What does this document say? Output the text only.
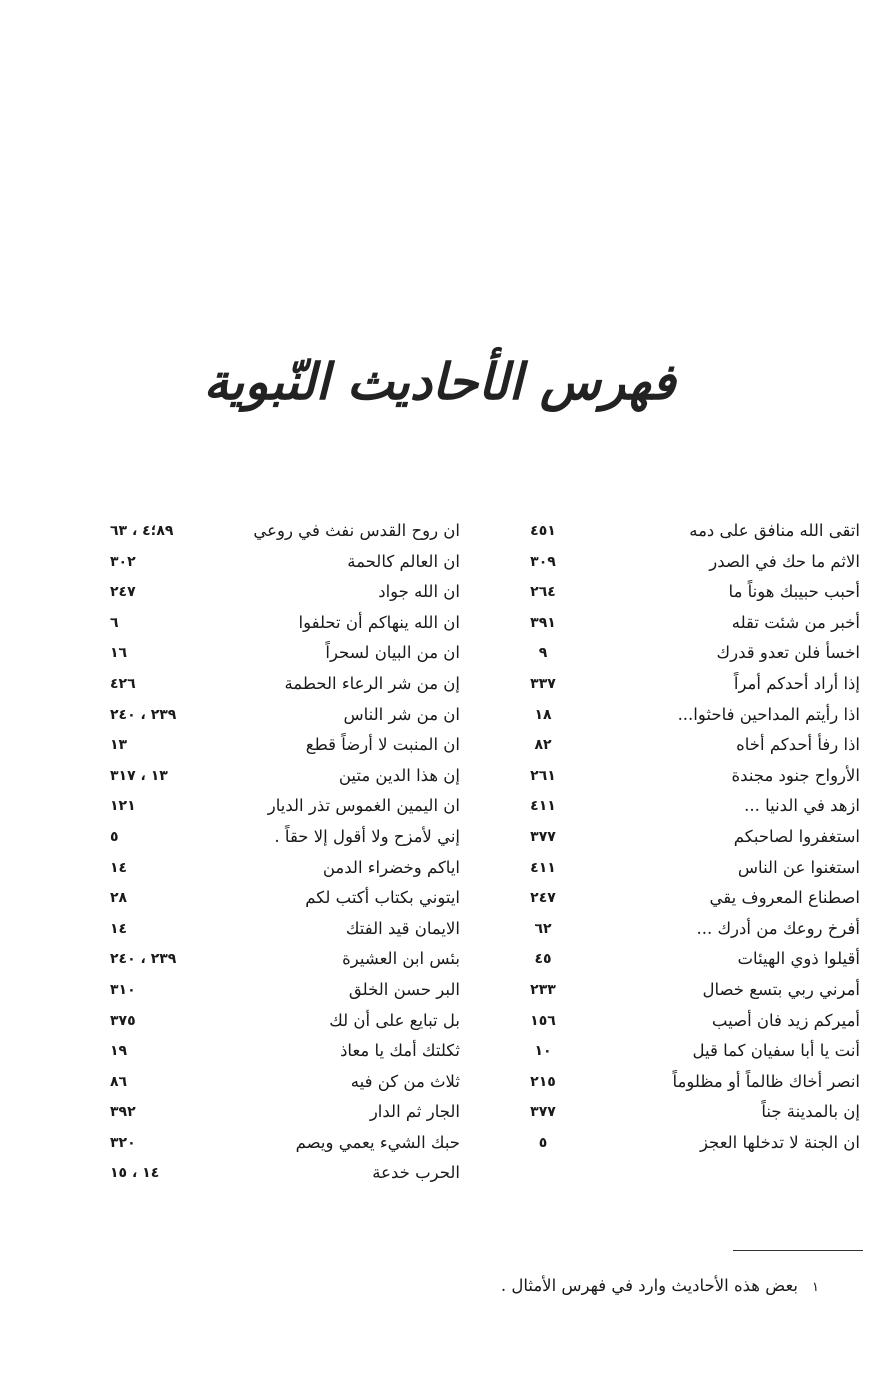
فهرس الأحاديث النّبوية
اتقى الله منافق على دمه
٤٥١
الاثم ما حك في الصدر
٣٠٩
أحبب حبيبك هوناً ما
٢٦٤
أخبر من شئت تقله
٣٩١
اخسأ فلن تعدو قدرك
٩
إذا أراد أحدكم أمراً
٣٣٧
اذا رأيتم المداحين فاحثوا...
١٨
اذا رفأ أحدكم أخاه
٨٢
الأرواح جنود مجندة
٢٦١
ازهد في الدنيا ...
٤١١
استغفروا لصاحبكم
٣٧٧
استغنوا عن الناس
٤١١
اصطناع المعروف يقي
٢٤٧
أفرخ روعك من أدرك ...
٦٢
أقيلوا ذوي الهيئات
٤٥
أمرني ربي بتسع خصال
٢٣٣
أميركم زيد فان أصيب
١٥٦
أنت يا أبا سفيان كما قيل
١٠
انصر أخاك ظالماً أو مظلوماً
٢١٥
إن بالمدينة جناً
٣٧٧
ان الجنة لا تدخلها العجز
٥
ان روح القدس نفث في روعي
٨٩؛٤ ، ٦٣
ان العالم كالحمة
٣٠٢
ان الله جواد
٢٤٧
ان الله ينهاكم أن تحلفوا
٦
ان من البيان لسحراً
١٦
إن من شر الرعاء الحطمة
٤٢٦
ان من شر الناس
٢٣٩ ، ٢٤٠
ان المنبت لا أرضاً قطع
١٣
إن هذا الدين متين
١٣ ، ٣١٧
ان اليمين الغموس تذر الديار
١٢١
إني لأمزح ولا أقول إلا حقاً .
٥
اياكم وخضراء الدمن
١٤
ايتوني بكتاب أكتب لكم
٢٨
الايمان قيد الفتك
١٤
بئس ابن العشيرة
٢٣٩ ، ٢٤٠
البر حسن الخلق
٣١٠
بل تبايع على أن لك
٣٧٥
ثكلتك أمك يا معاذ
١٩
ثلاث من كن فيه
٨٦
الجار ثم الدار
٣٩٢
حبك الشيء يعمي ويصم
٣٢٠
الحرب خدعة
١٤ ، ١٥
١بعض هذه الأحاديث وارد في فهرس الأمثال .
